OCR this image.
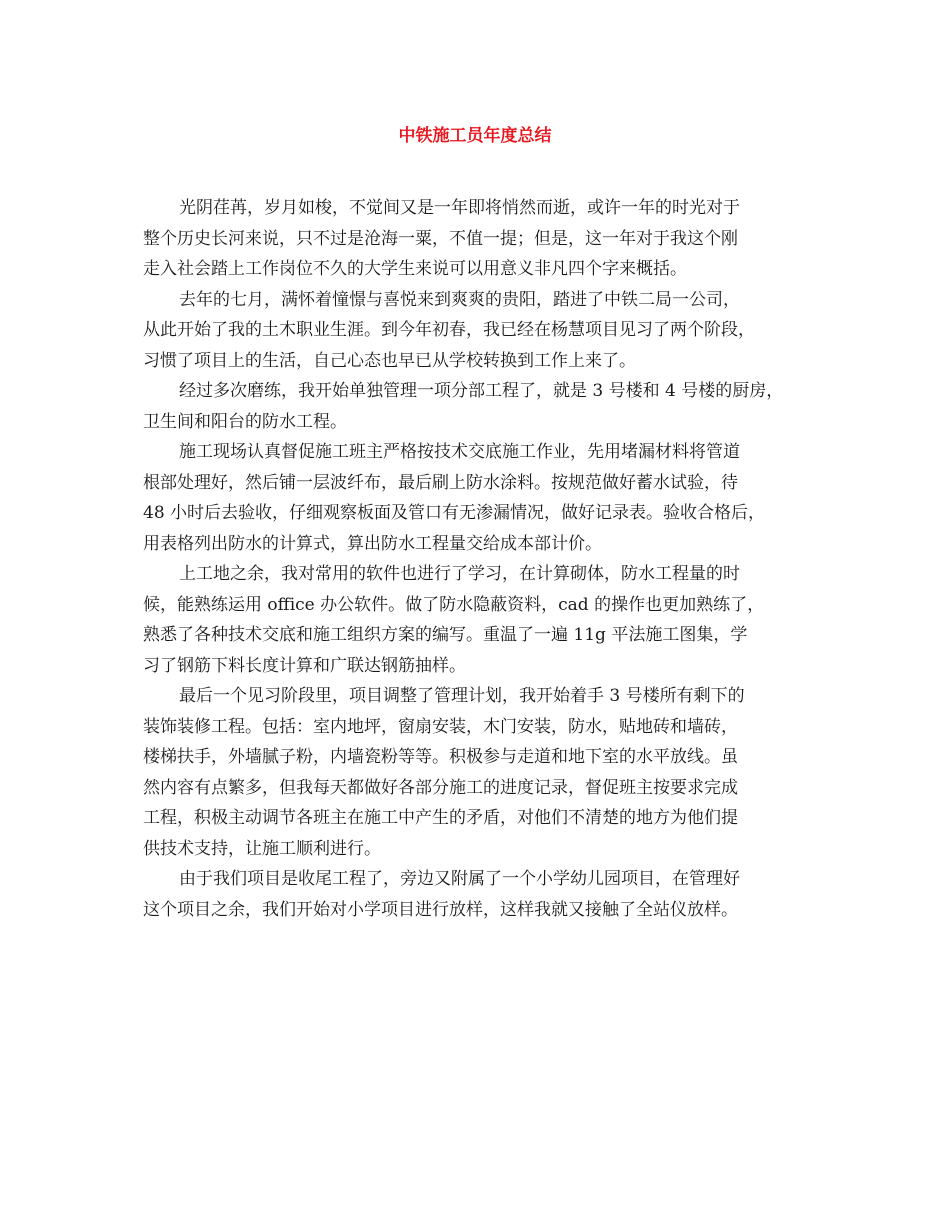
中铁施工员年度总结
光阴荏苒，岁月如梭，不觉间又是一年即将悄然而逝，或许一年的时光对于
整个历史长河来说，只不过是沧海一粟，不值一提；但是，这一年对于我这个刚
走入社会踏上工作岗位不久的大学生来说可以用意义非凡四个字来概括。
去年的七月，满怀着憧憬与喜悦来到爽爽的贵阳，踏进了中铁二局一公司，
从此开始了我的土木职业生涯。到今年初春，我已经在杨慧项目见习了两个阶段，
习惯了项目上的生活，自己心态也早已从学校转换到工作上来了。
经过多次磨练，我开始单独管理一项分部工程了，就是 3 号楼和 4 号楼的厨房，
卫生间和阳台的防水工程。
施工现场认真督促施工班主严格按技术交底施工作业，先用堵漏材料将管道
根部处理好，然后铺一层波纤布，最后刷上防水涂料。按规范做好蓄水试验，待
48 小时后去验收，仔细观察板面及管口有无渗漏情况，做好记录表。验收合格后，
用表格列出防水的计算式，算出防水工程量交给成本部计价。
上工地之余，我对常用的软件也进行了学习，在计算砌体，防水工程量的时
候，能熟练运用 office 办公软件。做了防水隐蔽资料，cad 的操作也更加熟练了，
熟悉了各种技术交底和施工组织方案的编写。重温了一遍 11g 平法施工图集，学
习了钢筋下料长度计算和广联达钢筋抽样。
最后一个见习阶段里，项目调整了管理计划，我开始着手 3 号楼所有剩下的
装饰装修工程。包括：室内地坪，窗扇安装，木门安装，防水，贴地砖和墙砖，
楼梯扶手，外墙腻子粉，内墙瓷粉等等。积极参与走道和地下室的水平放线。虽
然内容有点繁多，但我每天都做好各部分施工的进度记录，督促班主按要求完成
工程，积极主动调节各班主在施工中产生的矛盾，对他们不清楚的地方为他们提
供技术支持，让施工顺利进行。
由于我们项目是收尾工程了，旁边又附属了一个小学幼儿园项目，在管理好
这个项目之余，我们开始对小学项目进行放样，这样我就又接触了全站仪放样。
